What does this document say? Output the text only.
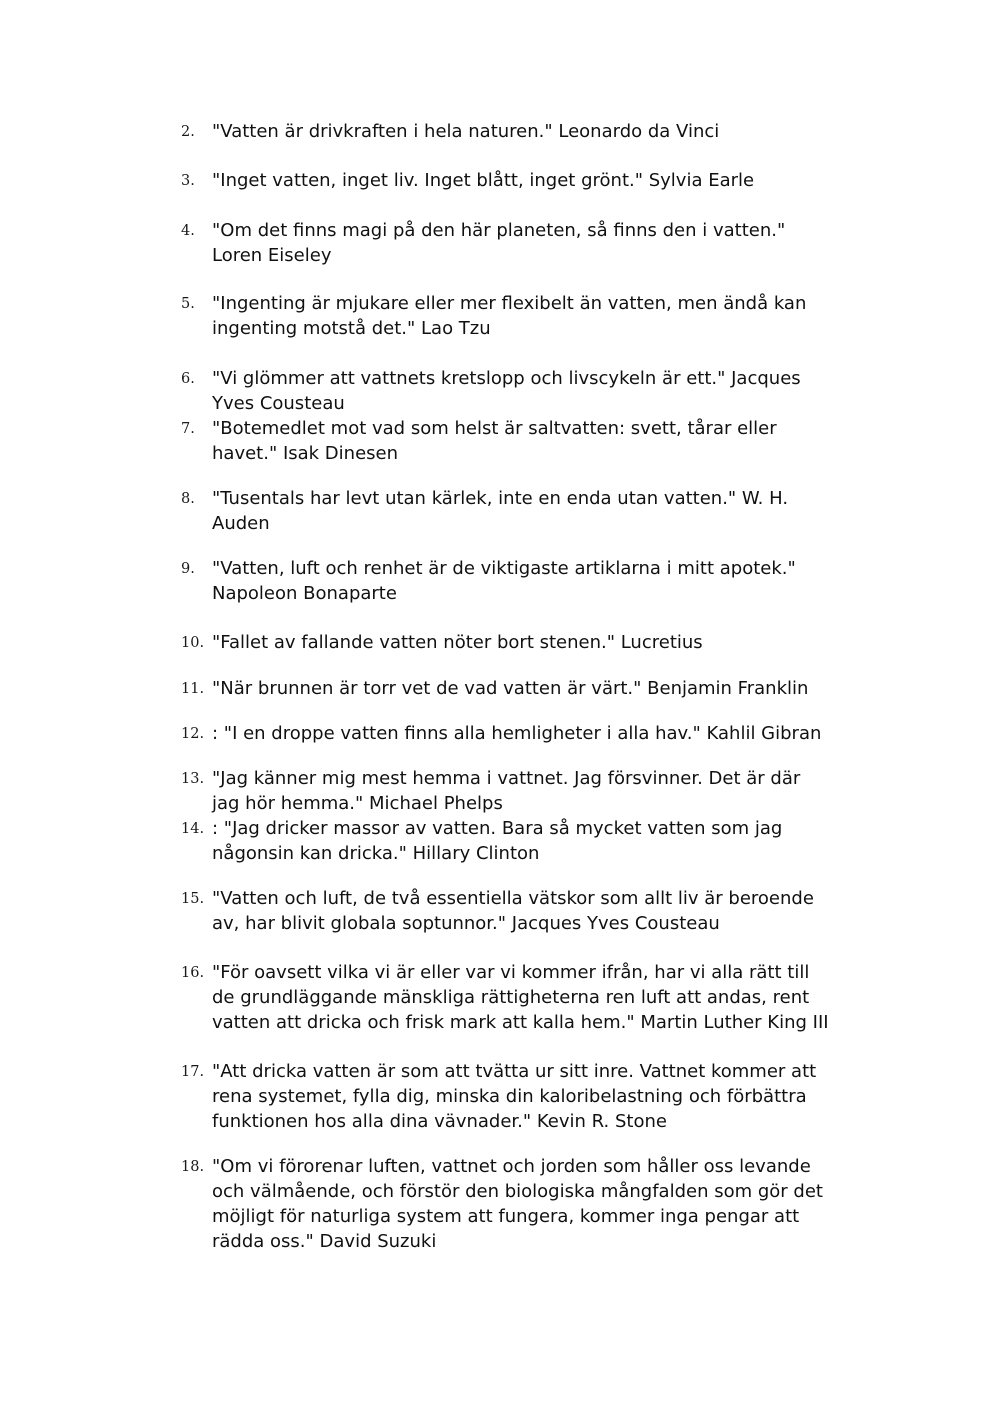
2. "Vatten är drivkraften i hela naturen." Leonardo da Vinci
3. "Inget vatten, inget liv. Inget blått, inget grönt." Sylvia Earle
4. "Om det finns magi på den här planeten, så finns den i vatten."
Loren Eiseley
5. "Ingenting är mjukare eller mer flexibelt än vatten, men ändå kan
ingenting motstå det." Lao Tzu
6. "Vi glömmer att vattnets kretslopp och livscykeln är ett." Jacques
Yves Cousteau
7. "Botemedlet mot vad som helst är saltvatten: svett, tårar eller
havet." Isak Dinesen
8. "Tusentals har levt utan kärlek, inte en enda utan vatten." W. H.
Auden
9. "Vatten, luft och renhet är de viktigaste artiklarna i mitt apotek."
Napoleon Bonaparte
10. "Fallet av fallande vatten nöter bort stenen." Lucretius
11. "När brunnen är torr vet de vad vatten är värt." Benjamin Franklin
12. : "I en droppe vatten finns alla hemligheter i alla hav." Kahlil Gibran
13. "Jag känner mig mest hemma i vattnet. Jag försvinner. Det är där
jag hör hemma." Michael Phelps
14. : "Jag dricker massor av vatten. Bara så mycket vatten som jag
någonsin kan dricka." Hillary Clinton
15. "Vatten och luft, de två essentiella vätskor som allt liv är beroende
av, har blivit globala soptunnor." Jacques Yves Cousteau
16. "För oavsett vilka vi är eller var vi kommer ifrån, har vi alla rätt till
de grundläggande mänskliga rättigheterna ren luft att andas, rent
vatten att dricka och frisk mark att kalla hem." Martin Luther King III
17. "Att dricka vatten är som att tvätta ur sitt inre. Vattnet kommer att
rena systemet, fylla dig, minska din kaloribelastning och förbättra
funktionen hos alla dina vävnader." Kevin R. Stone
18. "Om vi förorenar luften, vattnet och jorden som håller oss levande
och välmående, och förstör den biologiska mångfalden som gör det
möjligt för naturliga system att fungera, kommer inga pengar att
rädda oss." David Suzuki
